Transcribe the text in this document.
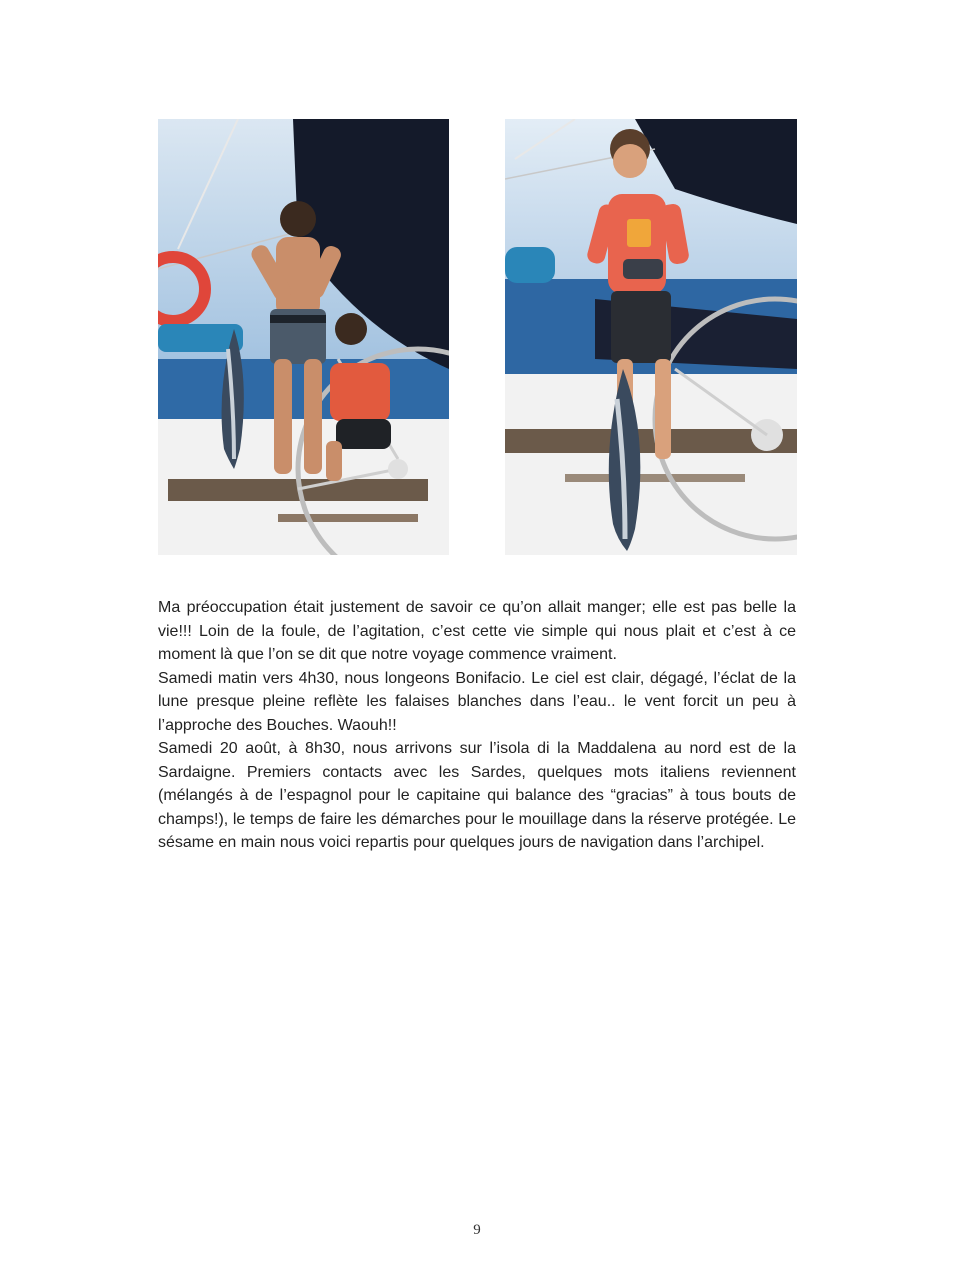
Ma préoccupation était justement de savoir ce qu’on allait manger; elle est pas belle la vie!!! Loin de la foule, de l’agitation, c’est cette vie simple qui nous plait et c’est à ce moment là que l’on se dit que notre voyage commence vraiment.

Samedi matin vers 4h30, nous longeons Bonifacio. Le ciel est clair, dégagé, l’éclat de la lune presque pleine reflète les falaises blanches dans l’eau.. le vent forcit un peu à l’approche des Bouches. Waouh!!

Samedi 20 août, à 8h30, nous arrivons sur l’isola di la Maddalena au nord est de la Sardaigne. Premiers contacts avec les Sardes, quelques mots italiens reviennent (mélangés à de l’espagnol pour le capitaine qui balance des “gracias” à tous bouts de champs!), le temps de faire les démarches pour le mouillage dans la réserve protégée. Le sésame en main nous voici repartis pour quelques jours de navigation dans l’archipel.

9
